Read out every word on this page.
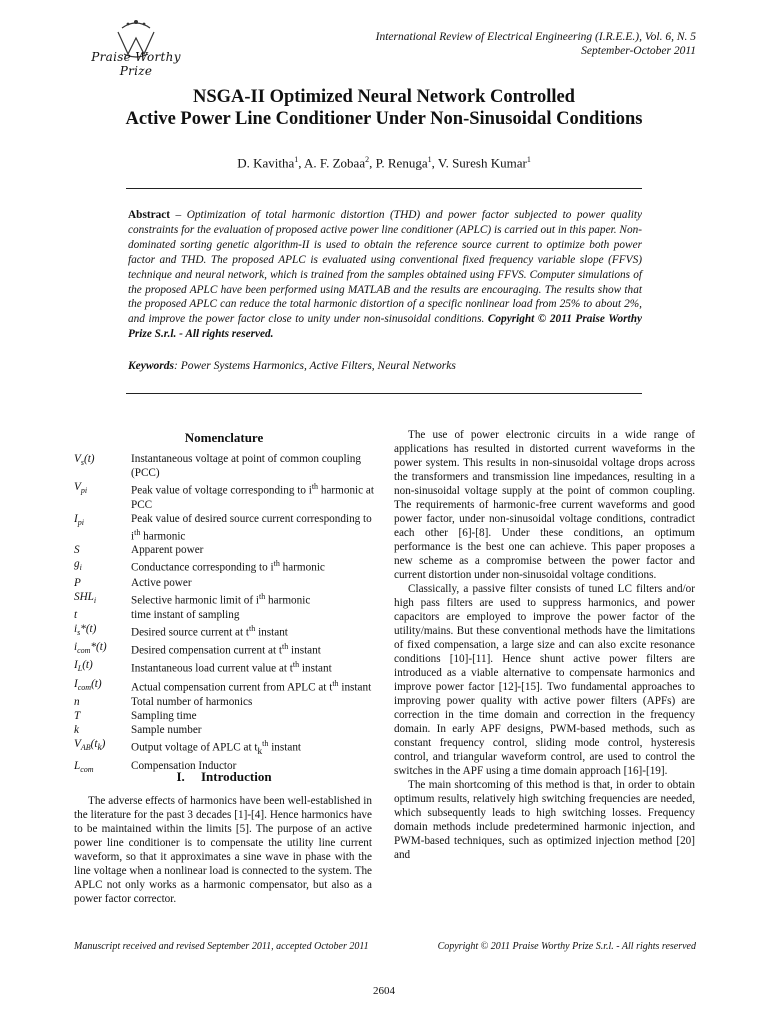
Praise Worthy Prize
International Review of Electrical Engineering (I.R.E.E.), Vol. 6, N. 5
September-October 2011
NSGA-II Optimized Neural Network Controlled
Active Power Line Conditioner Under Non-Sinusoidal Conditions
D. Kavitha$^1$, A. F. Zobaa$^2$, P. Renuga$^1$, V. Suresh Kumar$^1$
Abstract – Optimization of total harmonic distortion (THD) and power factor subjected to power quality constraints for the evaluation of proposed active power line conditioner (APLC) is carried out in this paper. Non-dominated sorting genetic algorithm-II is used to obtain the reference source current to optimize both power factor and THD. The proposed APLC is evaluated using conventional fixed frequency variable slope (FFVS) technique and neural network, which is trained from the samples obtained using FFVS. Computer simulations of the proposed APLC have been performed using MATLAB and the results are encouraging. The results show that the proposed APLC can reduce the total harmonic distortion of a specific nonlinear load from 25% to about 2%, and improve the power factor close to unity under non-sinusoidal conditions. Copyright © 2011 Praise Worthy Prize S.r.l. - All rights reserved.
Keywords: Power Systems Harmonics, Active Filters, Neural Networks
Nomenclature
$V_s(t)$	Instantaneous voltage at point of common coupling (PCC)
$V_{pi}$	Peak value of voltage corresponding to $i^{th}$ harmonic at PCC
$I_{pi}$	Peak value of desired source current corresponding to $i^{th}$ harmonic
S	Apparent power
$g_i$	Conductance corresponding to $i^{th}$ harmonic
P	Active power
$SHL_i$	Selective harmonic limit of $i^{th}$ harmonic
t	time instant of sampling
$i_s*(t)$	Desired source current at $t^{th}$ instant
$i_{com}*(t)$	Desired compensation current at $t^{th}$ instant
$I_L(t)$	Instantaneous load current value at $t^{th}$ instant
$I_{com}(t)$	Actual compensation current from APLC at $t^{th}$ instant
n	Total number of harmonics
T	Sampling time
k	Sample number
$V_{AB}(t_k)$	Output voltage of APLC at $t_k^{th}$ instant
$L_{com}$	Compensation Inductor
I. Introduction

The adverse effects of harmonics have been well-established in the literature for the past 3 decades [1]-[4]. Hence harmonics have to be maintained within the limits [5]. The purpose of an active power line conditioner is to compensate the utility line current waveform, so that it approximates a sine wave in phase with the line voltage when a nonlinear load is connected to the system. The APLC not only works as a harmonic compensator, but also as a power factor corrector.

The use of power electronic circuits in a wide range of applications has resulted in distorted current waveforms in the power system. This results in non-sinusoidal voltage drops across the transformers and transmission line impedances, resulting in a non-sinusoidal voltage supply at the point of common coupling. The requirements of harmonic-free current waveforms and good power factor, under non-sinusoidal voltage conditions, contradict each other [6]-[8]. Under these conditions, an optimum performance is the best one can achieve. This paper proposes a new scheme as a compromise between the power factor and current distortion under non-sinusoidal voltage conditions.

Classically, a passive filter consists of tuned LC filters and/or high pass filters are used to suppress harmonics, and power capacitors are employed to improve the power factor of the utility/mains. But these conventional methods have the limitations of fixed compensation, a large size and can also excite resonance conditions [10]-[11]. Hence shunt active power filters are introduced as a viable alternative to compensate harmonics and improve power factor [12]-[15]. Two fundamental approaches to improving power quality with active power filters (APFs) are correction in the time domain and correction in the frequency domain. In early APF designs, PWM-based methods, such as constant frequency control, sliding mode control, hysteresis control, and triangular waveform control, are used to control the switches in the APF using a time domain approach [16]-[19].

The main shortcoming of this method is that, in order to obtain optimum results, relatively high switching frequencies are needed, which subsequently leads to high switching losses. Frequency domain methods include predetermined harmonic injection, and PWM-based techniques, such as optimized injection method [20] and

Manuscript received and revised September 2011, accepted October 2011	Copyright © 2011 Praise Worthy Prize S.r.l. - All rights reserved
2604
